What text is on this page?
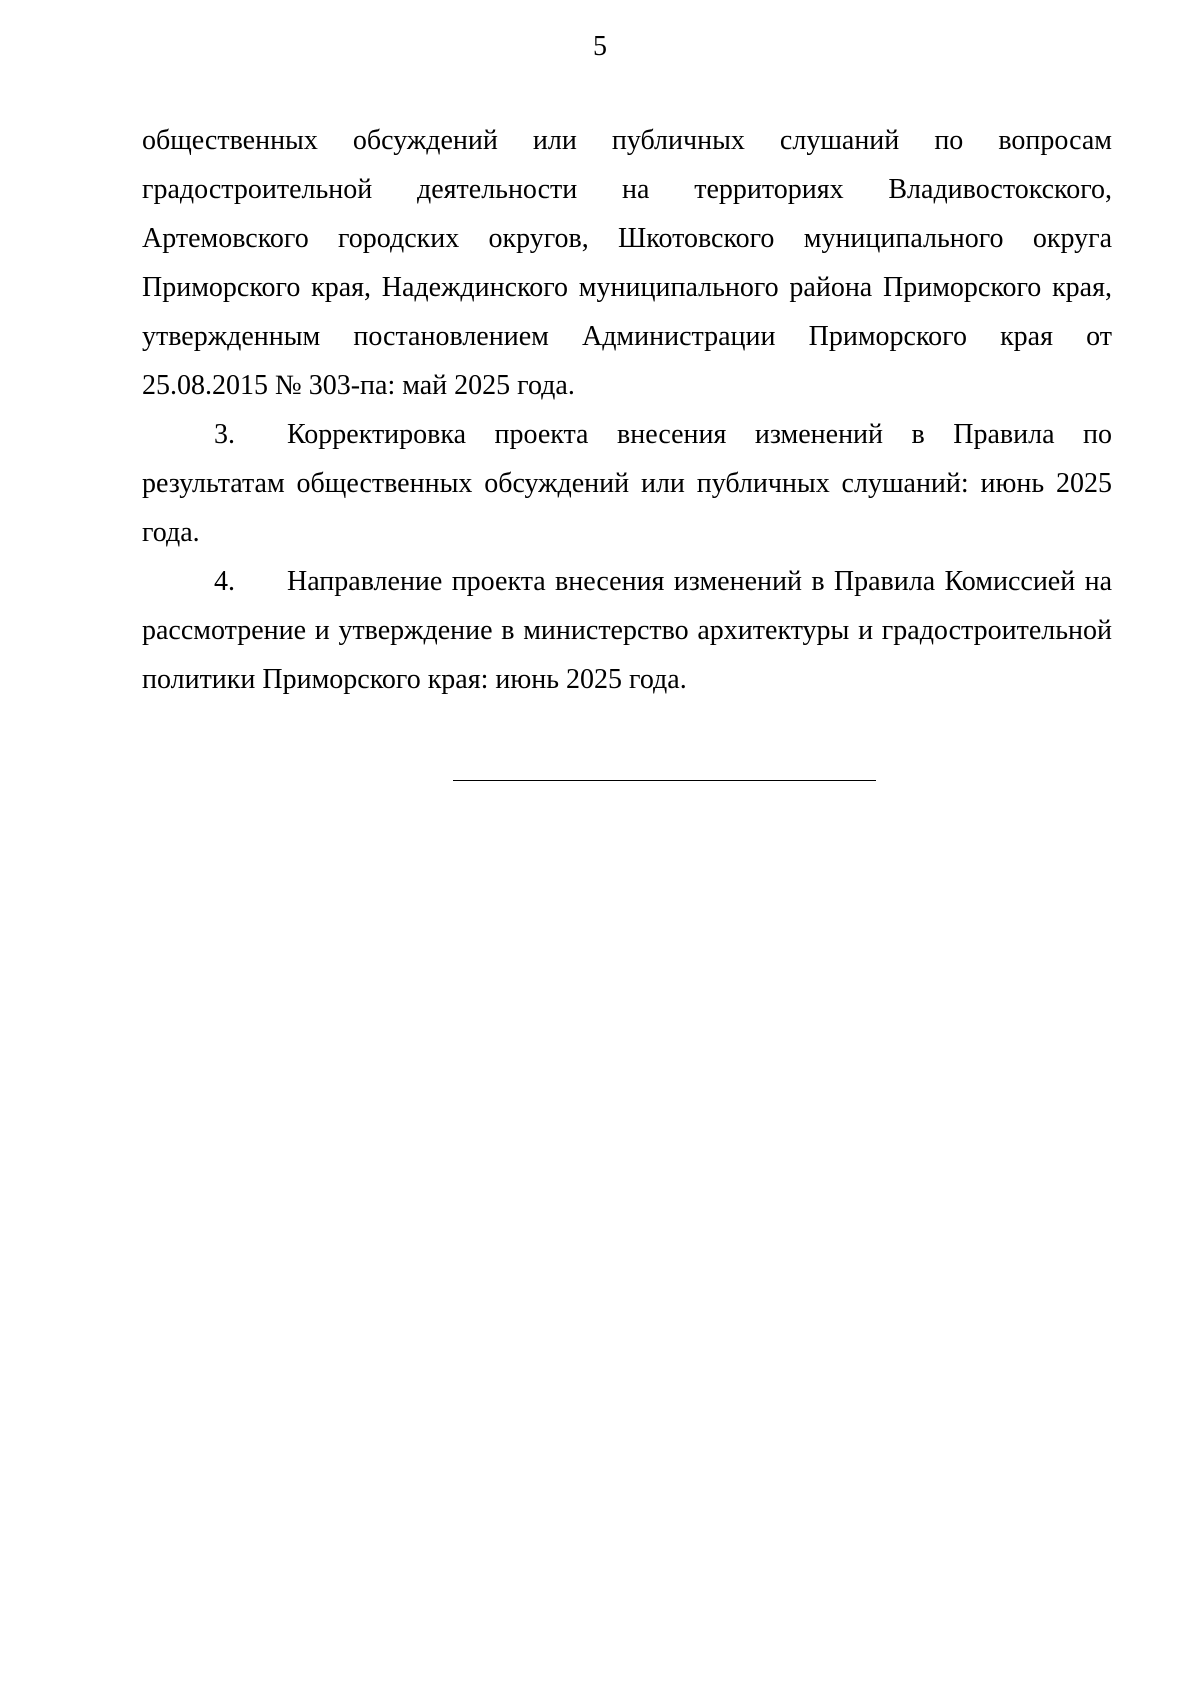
5

общественных обсуждений или публичных слушаний по вопросам градостроительной деятельности на территориях Владивостокского, Артемовского городских округов, Шкотовского муниципального округа Приморского края, Надеждинского муниципального района Приморского края, утвержденным постановлением Администрации Приморского края от 25.08.2015 № 303-па: май 2025 года.

3. Корректировка проекта внесения изменений в Правила по результатам общественных обсуждений или публичных слушаний: июнь 2025 года.

4. Направление проекта внесения изменений в Правила Комиссией на рассмотрение и утверждение в министерство архитектуры и градостроительной политики Приморского края: июнь 2025 года.
